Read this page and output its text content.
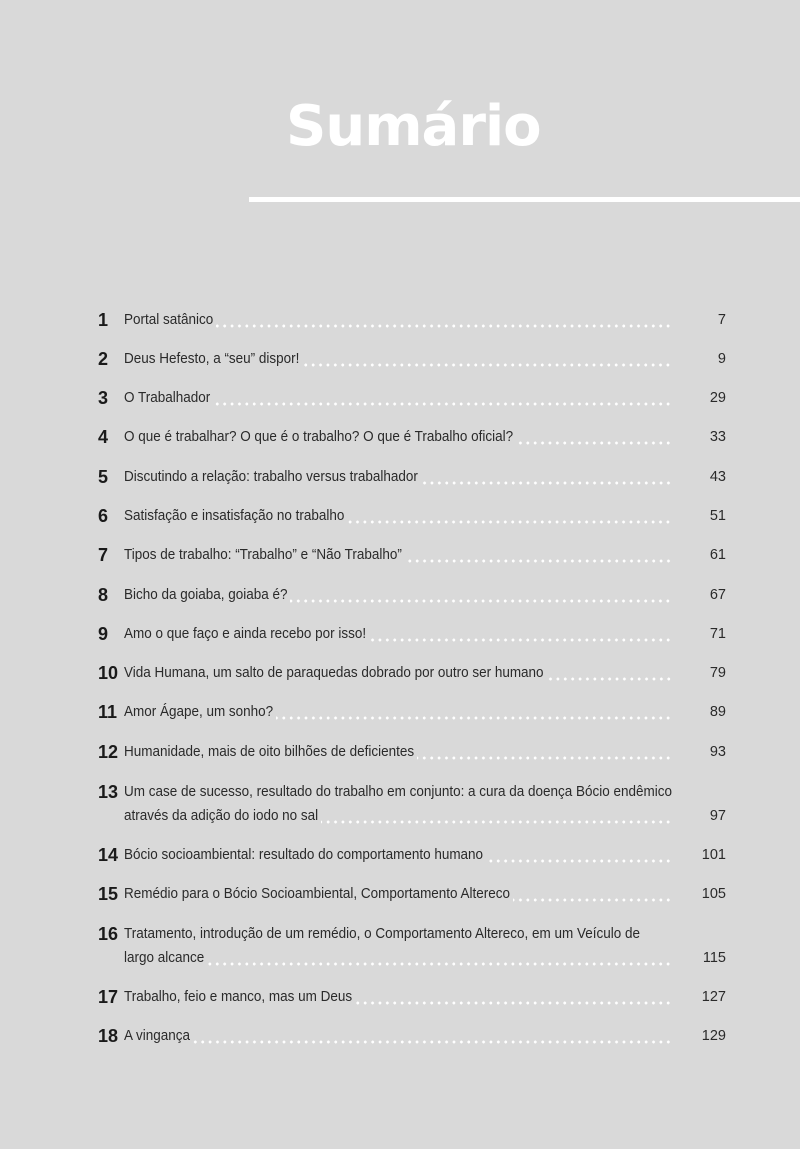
Sumário
1	Portal satânico	7
2	Deus Hefesto, a “seu” dispor!	9
3	O Trabalhador	29
4	O que é trabalhar? O que é o trabalho? O que é Trabalho oficial?	33
5	Discutindo a relação: trabalho versus trabalhador	43
6	Satisfação e insatisfação no trabalho	51
7	Tipos de trabalho: “Trabalho” e “Não Trabalho”	61
8	Bicho da goiaba, goiaba é?	67
9	Amo o que faço e ainda recebo por isso!	71
10 Vida Humana, um salto de paraquedas dobrado por outro ser humano	79
11 Amor Ágape, um sonho?	89
12 Humanidade, mais de oito bilhões de deficientes	93
13 Um case de sucesso, resultado do trabalho em conjunto: a cura da doença Bócio endêmico
através da adição do iodo no sal	97
14 Bócio socioambiental: resultado do comportamento humano	101
15 Remédio para o Bócio Socioambiental, Comportamento Altereco	105
16 Tratamento, introdução de um remédio, o Comportamento Altereco, em um Veículo de
largo alcance	115
17 Trabalho, feio e manco, mas um Deus	127
18 A vingança	129
